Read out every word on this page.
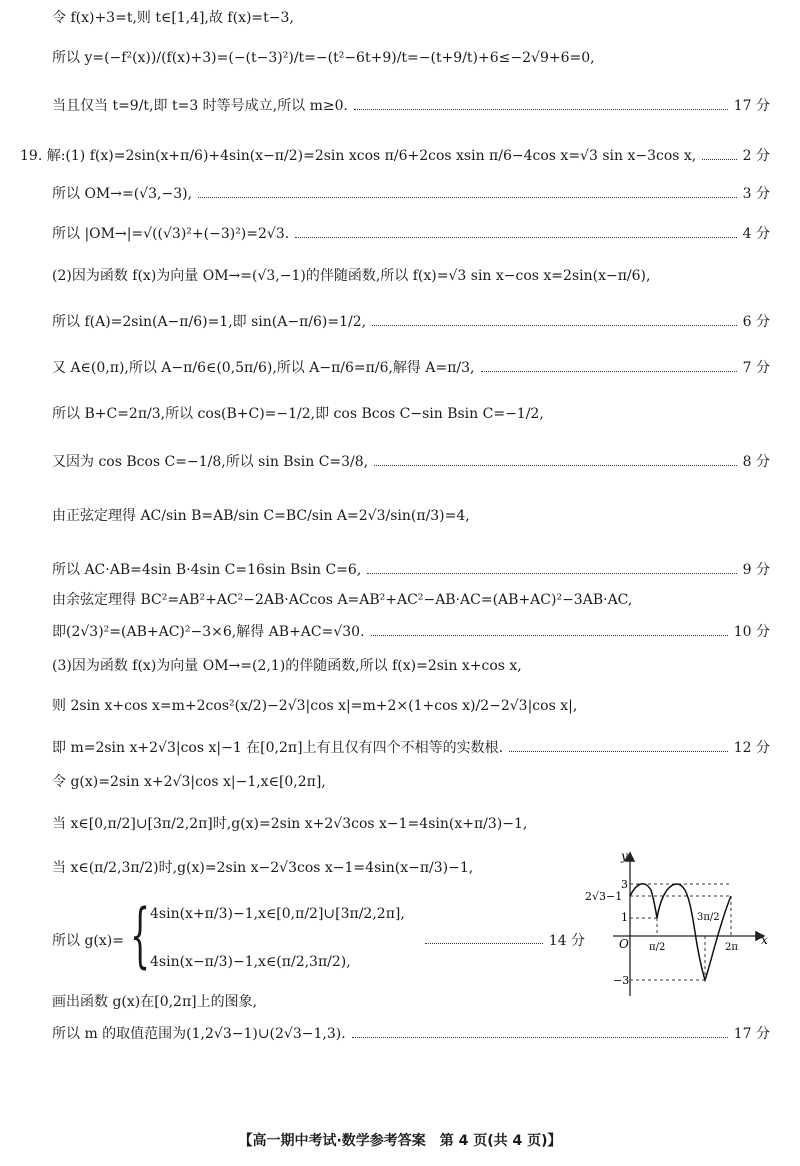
令 f(x)+3=t,则 t∈[1,4],故 f(x)=t−3,
所以 y=(−f²(x))/(f(x)+3)=(−(t−3)²)/t=−(t²−6t+9)/t=−(t+9/t)+6≤−2√9+6=0,
当且仅当 t=9/t,即 t=3 时等号成立,所以 m≥0.	17 分
19. 解:(1) f(x)=2sin(x+π/6)+4sin(x−π/2)=2sin xcos π/6+2cos xsin π/6−4cos x=√3 sin x−3cos x,	2 分
所以 OM→=(√3,−3),	3 分
所以 |OM→|=√((√3)²+(−3)²)=2√3.	4 分
(2)因为函数 f(x)为向量 OM→=(√3,−1)的伴随函数,所以 f(x)=√3 sin x−cos x=2sin(x−π/6),
所以 f(A)=2sin(A−π/6)=1,即 sin(A−π/6)=1/2,	6 分
又 A∈(0,π),所以 A−π/6∈(0,5π/6),所以 A−π/6=π/6,解得 A=π/3,	7 分
所以 B+C=2π/3,所以 cos(B+C)=−1/2,即 cos Bcos C−sin Bsin C=−1/2,
又因为 cos Bcos C=−1/8,所以 sin Bsin C=3/8,	8 分
由正弦定理得 AC/sin B=AB/sin C=BC/sin A=2√3/sin(π/3)=4,
所以 AC·AB=4sin B·4sin C=16sin Bsin C=6,	9 分
由余弦定理得 BC²=AB²+AC²−2AB·ACcos A=AB²+AC²−AB·AC=(AB+AC)²−3AB·AC,
即(2√3)²=(AB+AC)²−3×6,解得 AB+AC=√30.	10 分
(3)因为函数 f(x)为向量 OM→=(2,1)的伴随函数,所以 f(x)=2sin x+cos x,
则 2sin x+cos x=m+2cos²(x/2)−2√3|cos x|=m+2×(1+cos x)/2−2√3|cos x|,
即 m=2sin x+2√3|cos x|−1 在[0,2π]上有且仅有四个不相等的实数根.	12 分
令 g(x)=2sin x+2√3|cos x|−1,x∈[0,2π],
当 x∈[0,π/2]∪[3π/2,2π]时,g(x)=2sin x+2√3cos x−1=4sin(x+π/3)−1,
当 x∈(π/2,3π/2)时,g(x)=2sin x−2√3cos x−1=4sin(x−π/3)−1,
所以 g(x)= { 4sin(x+π/3)−1,x∈[0,π/2]∪[3π/2,2π],
4sin(x−π/3)−1,x∈(π/2,3π/2),
14 分
画出函数 g(x)在[0,2π]上的图象,
所以 m 的取值范围为(1,2√3−1)∪(2√3−1,3).	17 分
y
x
O
3
2√3−1
1
−3
π/2
3π/2
2π
【高一期中考试·数学参考答案　第 4 页(共 4 页)】
